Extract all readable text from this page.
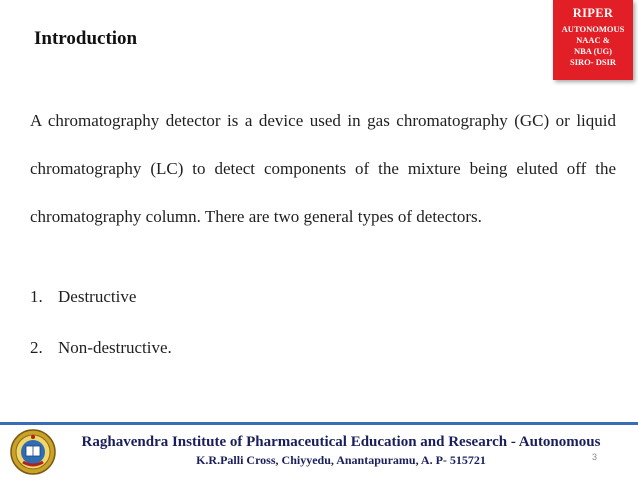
Introduction
RIPER
AUTONOMOUS
NAAC &
NBA (UG)
SIRO- DSIR
A chromatography detector is a device used in gas chromatography (GC) or liquid chromatography (LC) to detect components of the mixture being eluted off the chromatography column. There are two general types of detectors.
1. Destructive
2. Non-destructive.
Raghavendra Institute of Pharmaceutical Education and Research - Autonomous
K.R.Palli Cross, Chiyyedu, Anantapuramu, A. P- 515721	3
